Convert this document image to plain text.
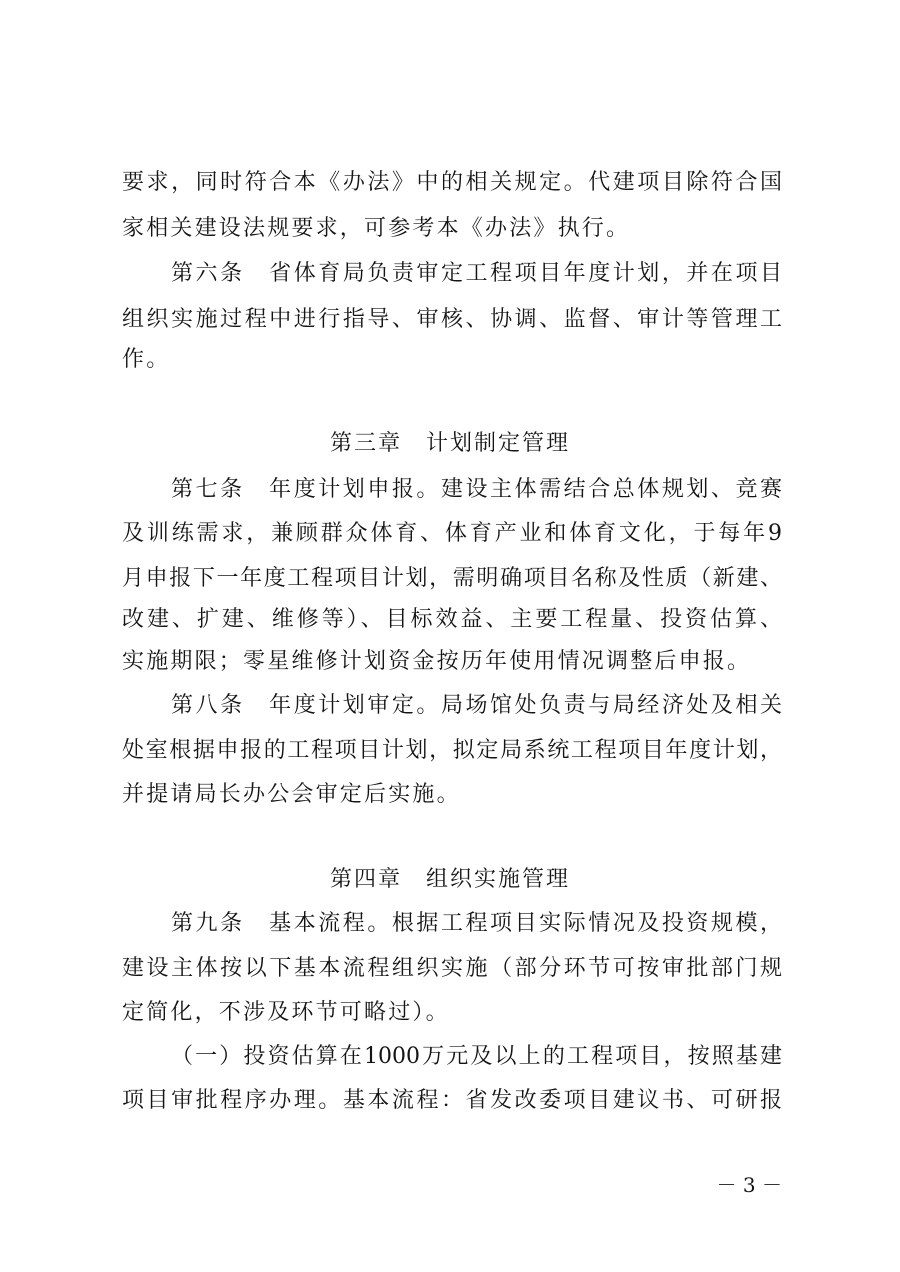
要求，同时符合本《办法》中的相关规定。代建项目除符合国
家相关建设法规要求，可参考本《办法》执行。
第六条　省体育局负责审定工程项目年度计划，并在项目
组织实施过程中进行指导、审核、协调、监督、审计等管理工
作。
第三章　计划制定管理
第七条　年度计划申报。建设主体需结合总体规划、竞赛
及训练需求，兼顾群众体育、体育产业和体育文化，于每年9
月申报下一年度工程项目计划，需明确项目名称及性质（新建、
改建、扩建、维修等）、目标效益、主要工程量、投资估算、
实施期限；零星维修计划资金按历年使用情况调整后申报。
第八条　年度计划审定。局场馆处负责与局经济处及相关
处室根据申报的工程项目计划，拟定局系统工程项目年度计划，
并提请局长办公会审定后实施。
第四章　组织实施管理
第九条　基本流程。根据工程项目实际情况及投资规模，
建设主体按以下基本流程组织实施（部分环节可按审批部门规
定简化，不涉及环节可略过）。
（一）投资估算在1000万元及以上的工程项目，按照基建
项目审批程序办理。基本流程：省发改委项目建议书、可研报
－ 3 －
